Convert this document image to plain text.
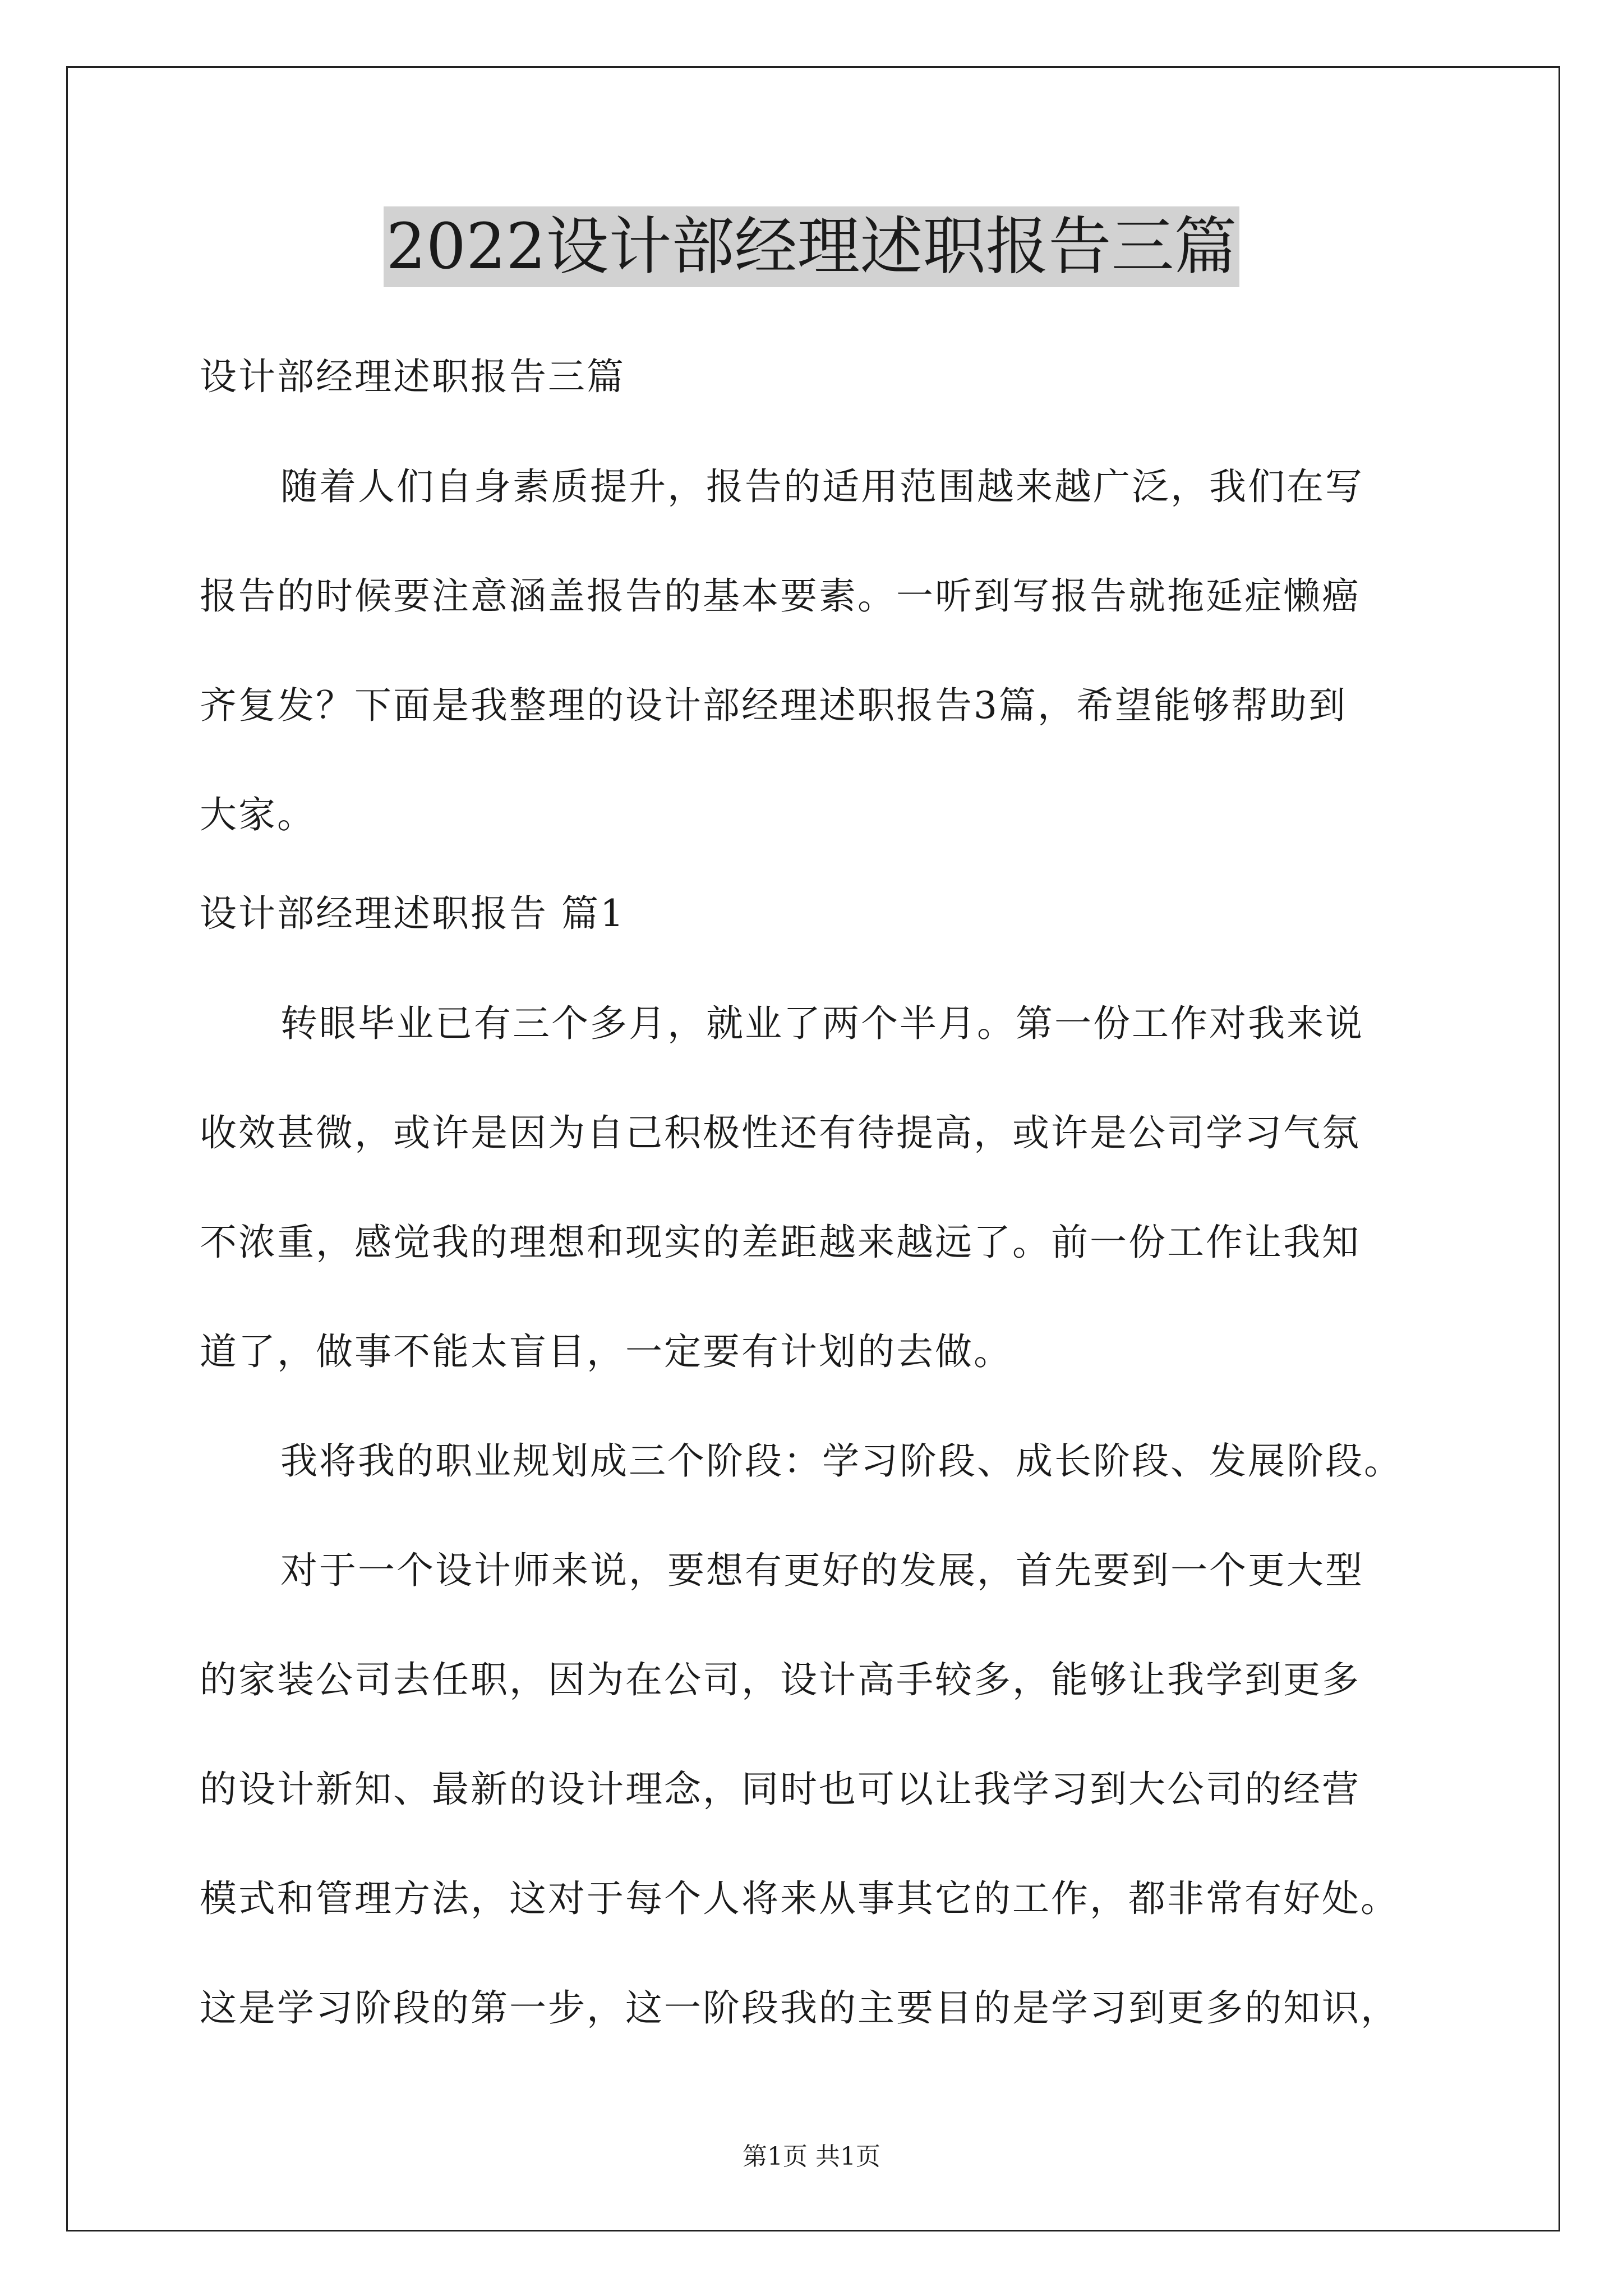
2022设计部经理述职报告三篇
设计部经理述职报告三篇
随着人们自身素质提升，报告的适用范围越来越广泛，我们在写
报告的时候要注意涵盖报告的基本要素。一听到写报告就拖延症懒癌
齐复发？下面是我整理的设计部经理述职报告3篇，希望能够帮助到
大家。
设计部经理述职报告 篇1
转眼毕业已有三个多月，就业了两个半月。第一份工作对我来说
收效甚微，或许是因为自己积极性还有待提高，或许是公司学习气氛
不浓重，感觉我的理想和现实的差距越来越远了。前一份工作让我知
道了，做事不能太盲目，一定要有计划的去做。
我将我的职业规划成三个阶段：学习阶段、成长阶段、发展阶段。
对于一个设计师来说，要想有更好的发展，首先要到一个更大型
的家装公司去任职，因为在公司，设计高手较多，能够让我学到更多
的设计新知、最新的设计理念，同时也可以让我学习到大公司的经营
模式和管理方法，这对于每个人将来从事其它的工作，都非常有好处。
这是学习阶段的第一步，这一阶段我的主要目的是学习到更多的知识，
第1页 共1页
